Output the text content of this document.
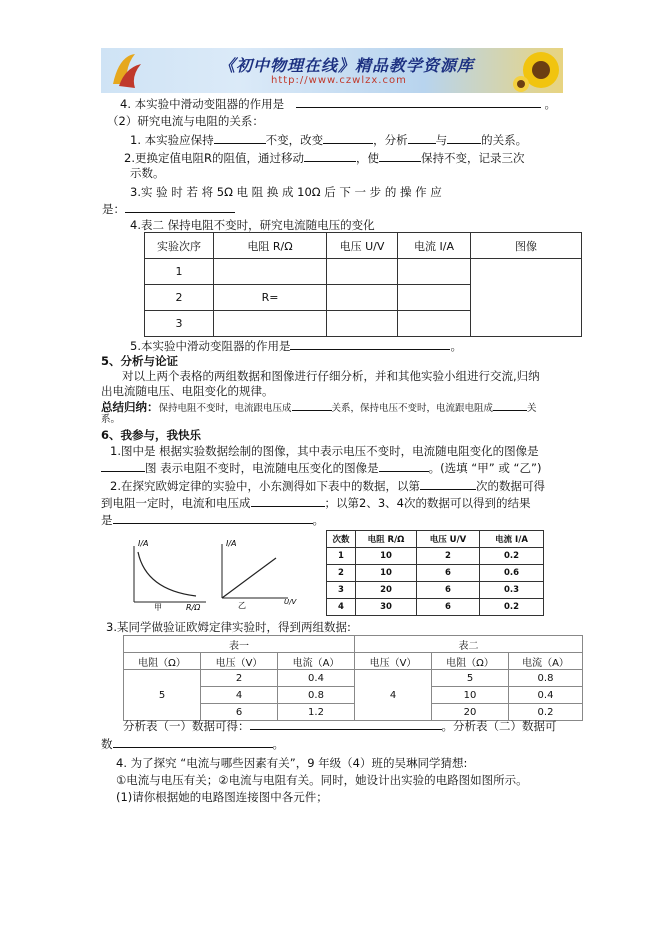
《初中物理在线》精品教学资源库
http://www.czwlzx.com
4. 本实验中滑动变阻器的作用是	。
（2）研究电流与电阻的关系：
1. 本实验应保持	不变，改变	，分析 与	的关系。
2.更换定值电阻R的阻值，通过移动	，使	保持不变，记录三次
示数。
3.实 验 时 若 将 5Ω 电 阻 换 成 10Ω 后 下 一 步 的 操 作 应
是：
4.表二 保持电阻不变时，研究电流随电压的变化
实验次序	电阻 R/Ω	电压 U/V	电流 I/A	图像
1				
2	R=			
3				
5.本实验中滑动变阻器的作用是	。
5、分析与论证
对以上两个表格的两组数据和图像进行仔细分析，并和其他实验小组进行交流,归纳
出电流随电压、电阻变化的规律。
总结归纳：保持电阻不变时，电流跟电压成	关系，保持电压不变时，电流跟电阻成	关
系。
6、我参与，我快乐
1.图中是 根据实验数据绘制的图像，其中表示电压不变时，电流随电阻变化的图像是
图 表示电阻不变时，电流随电压变化的图像是	。(选填 “甲” 或 “乙”)
2.在探究欧姆定律的实验中，小东测得如下表中的数据，以第	次的数据可得
到电阻一定时，电流和电压成	；以第2、3、4次的数据可以得到的结果
是	。
I/A
R/Ω
甲
I/A
U/V
乙
次数	电阻 R/Ω	电压 U/V	电流 I/A
1	10	2	0.2
2	10	6	0.6
3	20	6	0.3
4	30	6	0.2
3.某同学做验证欧姆定律实验时，得到两组数据:
表一			表二		
电阻（Ω）	电压（V）	电流（A）	电压（V）	电阻（Ω）	电流（A）
5	2	0.4	4	5	0.8
	4	0.8		10	0.4
	6	1.2		20	0.2
分析表（一）数据可得：	。分析表（二）数据可
数	。
4. 为了探究 “电流与哪些因素有关”，9 年级（4）班的吴琳同学猜想:
①电流与电压有关；②电流与电阻有关。同时，她设计出实验的电路图如图所示。
(1)请你根据她的电路图连接图中各元件；
